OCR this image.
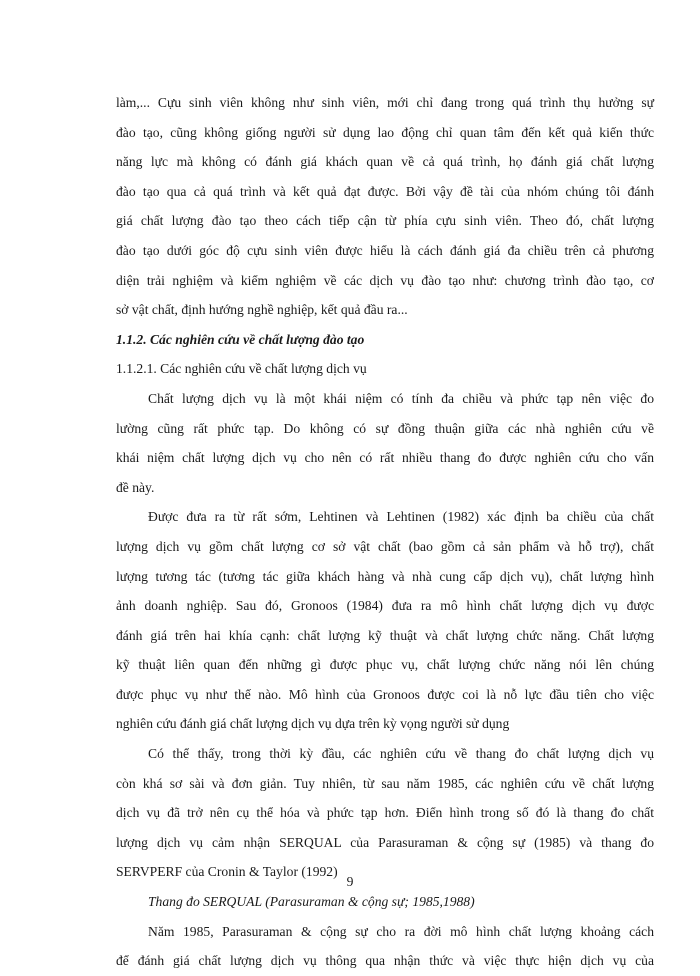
làm,... Cựu sinh viên không như sinh viên, mới chỉ đang trong quá trình thụ hưởng sự
đào tạo, cũng không giống người sử dụng lao động chỉ quan tâm đến kết quả kiến thức
năng lực mà không có đánh giá khách quan về cả quá trình, họ đánh giá chất lượng
đào tạo qua cả quá trình và kết quả đạt được. Bởi vậy đề tài của nhóm chúng tôi đánh
giá chất lượng đào tạo theo cách tiếp cận từ phía cựu sinh viên. Theo đó, chất lượng
đào tạo dưới góc độ cựu sinh viên được hiểu là cách đánh giá đa chiều trên cả phương
diện trải nghiệm và kiểm nghiệm về các dịch vụ đào tạo như: chương trình đào tạo, cơ
sở vật chất, định hướng nghề nghiệp, kết quả đầu ra...
1.1.2. Các nghiên cứu về chất lượng đào tạo
1.1.2.1. Các nghiên cứu về chất lượng dịch vụ
Chất lượng dịch vụ là một khái niệm có tính đa chiều và phức tạp nên việc đo
lường cũng rất phức tạp. Do không có sự đồng thuận giữa các nhà nghiên cứu về
khái niệm chất lượng dịch vụ cho nên có rất nhiều thang đo được nghiên cứu cho vấn
đề này.
Được đưa ra từ rất sớm, Lehtinen và Lehtinen (1982) xác định ba chiều của chất
lượng dịch vụ gồm chất lượng cơ sở vật chất (bao gồm cả sản phẩm và hỗ trợ), chất
lượng tương tác (tương tác giữa khách hàng và nhà cung cấp dịch vụ), chất lượng hình
ảnh doanh nghiệp. Sau đó, Gronoos (1984) đưa ra mô hình chất lượng dịch vụ được
đánh giá trên hai khía cạnh: chất lượng kỹ thuật và chất lượng chức năng. Chất lượng
kỹ thuật liên quan đến những gì được phục vụ, chất lượng chức năng nói lên chúng
được phục vụ như thế nào. Mô hình của Gronoos được coi là nỗ lực đầu tiên cho việc
nghiên cứu đánh giá chất lượng dịch vụ dựa trên kỳ vọng người sử dụng
Có thể thấy, trong thời kỳ đầu, các nghiên cứu về thang đo chất lượng dịch vụ
còn khá sơ sài và đơn giản. Tuy nhiên, từ sau năm 1985, các nghiên cứu về chất lượng
dịch vụ đã trở nên cụ thể hóa và phức tạp hơn. Điển hình trong số đó là thang đo chất
lượng dịch vụ cảm nhận SERQUAL của Parasuraman & cộng sự (1985) và thang đo
SERVPERF của Cronin & Taylor (1992)
Thang đo SERQUAL (Parasuraman & cộng sự; 1985,1988)
Năm 1985, Parasuraman & cộng sự cho ra đời mô hình chất lượng khoảng cách
để đánh giá chất lượng dịch vụ thông qua nhận thức và việc thực hiện dịch vụ của
9
